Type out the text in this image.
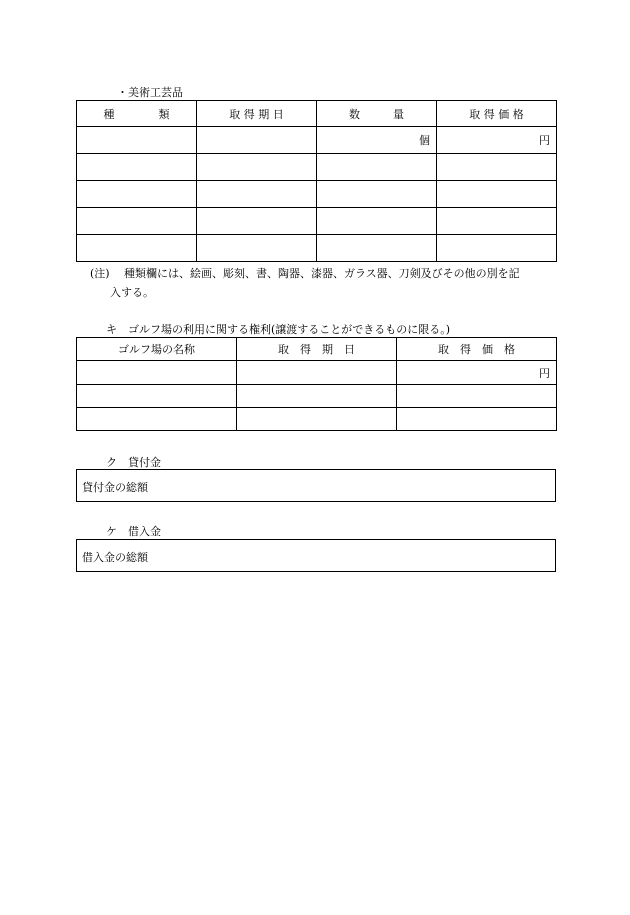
・美術工芸品
種　　　　類	取 得 期 日	数　　　量	取 得 価 格
		個	円

(注) 種類欄には、絵画、彫刻、書、陶器、漆器、ガラス器、刀剣及びその他の別を記
入する。
キ　ゴルフ場の利用に関する権利(譲渡することができるものに限る。)
ゴルフ場の名称	取　得　期　日	取　得　価　格
		円

ク　貸付金
貸付金の総額
ケ　借入金
借入金の総額
